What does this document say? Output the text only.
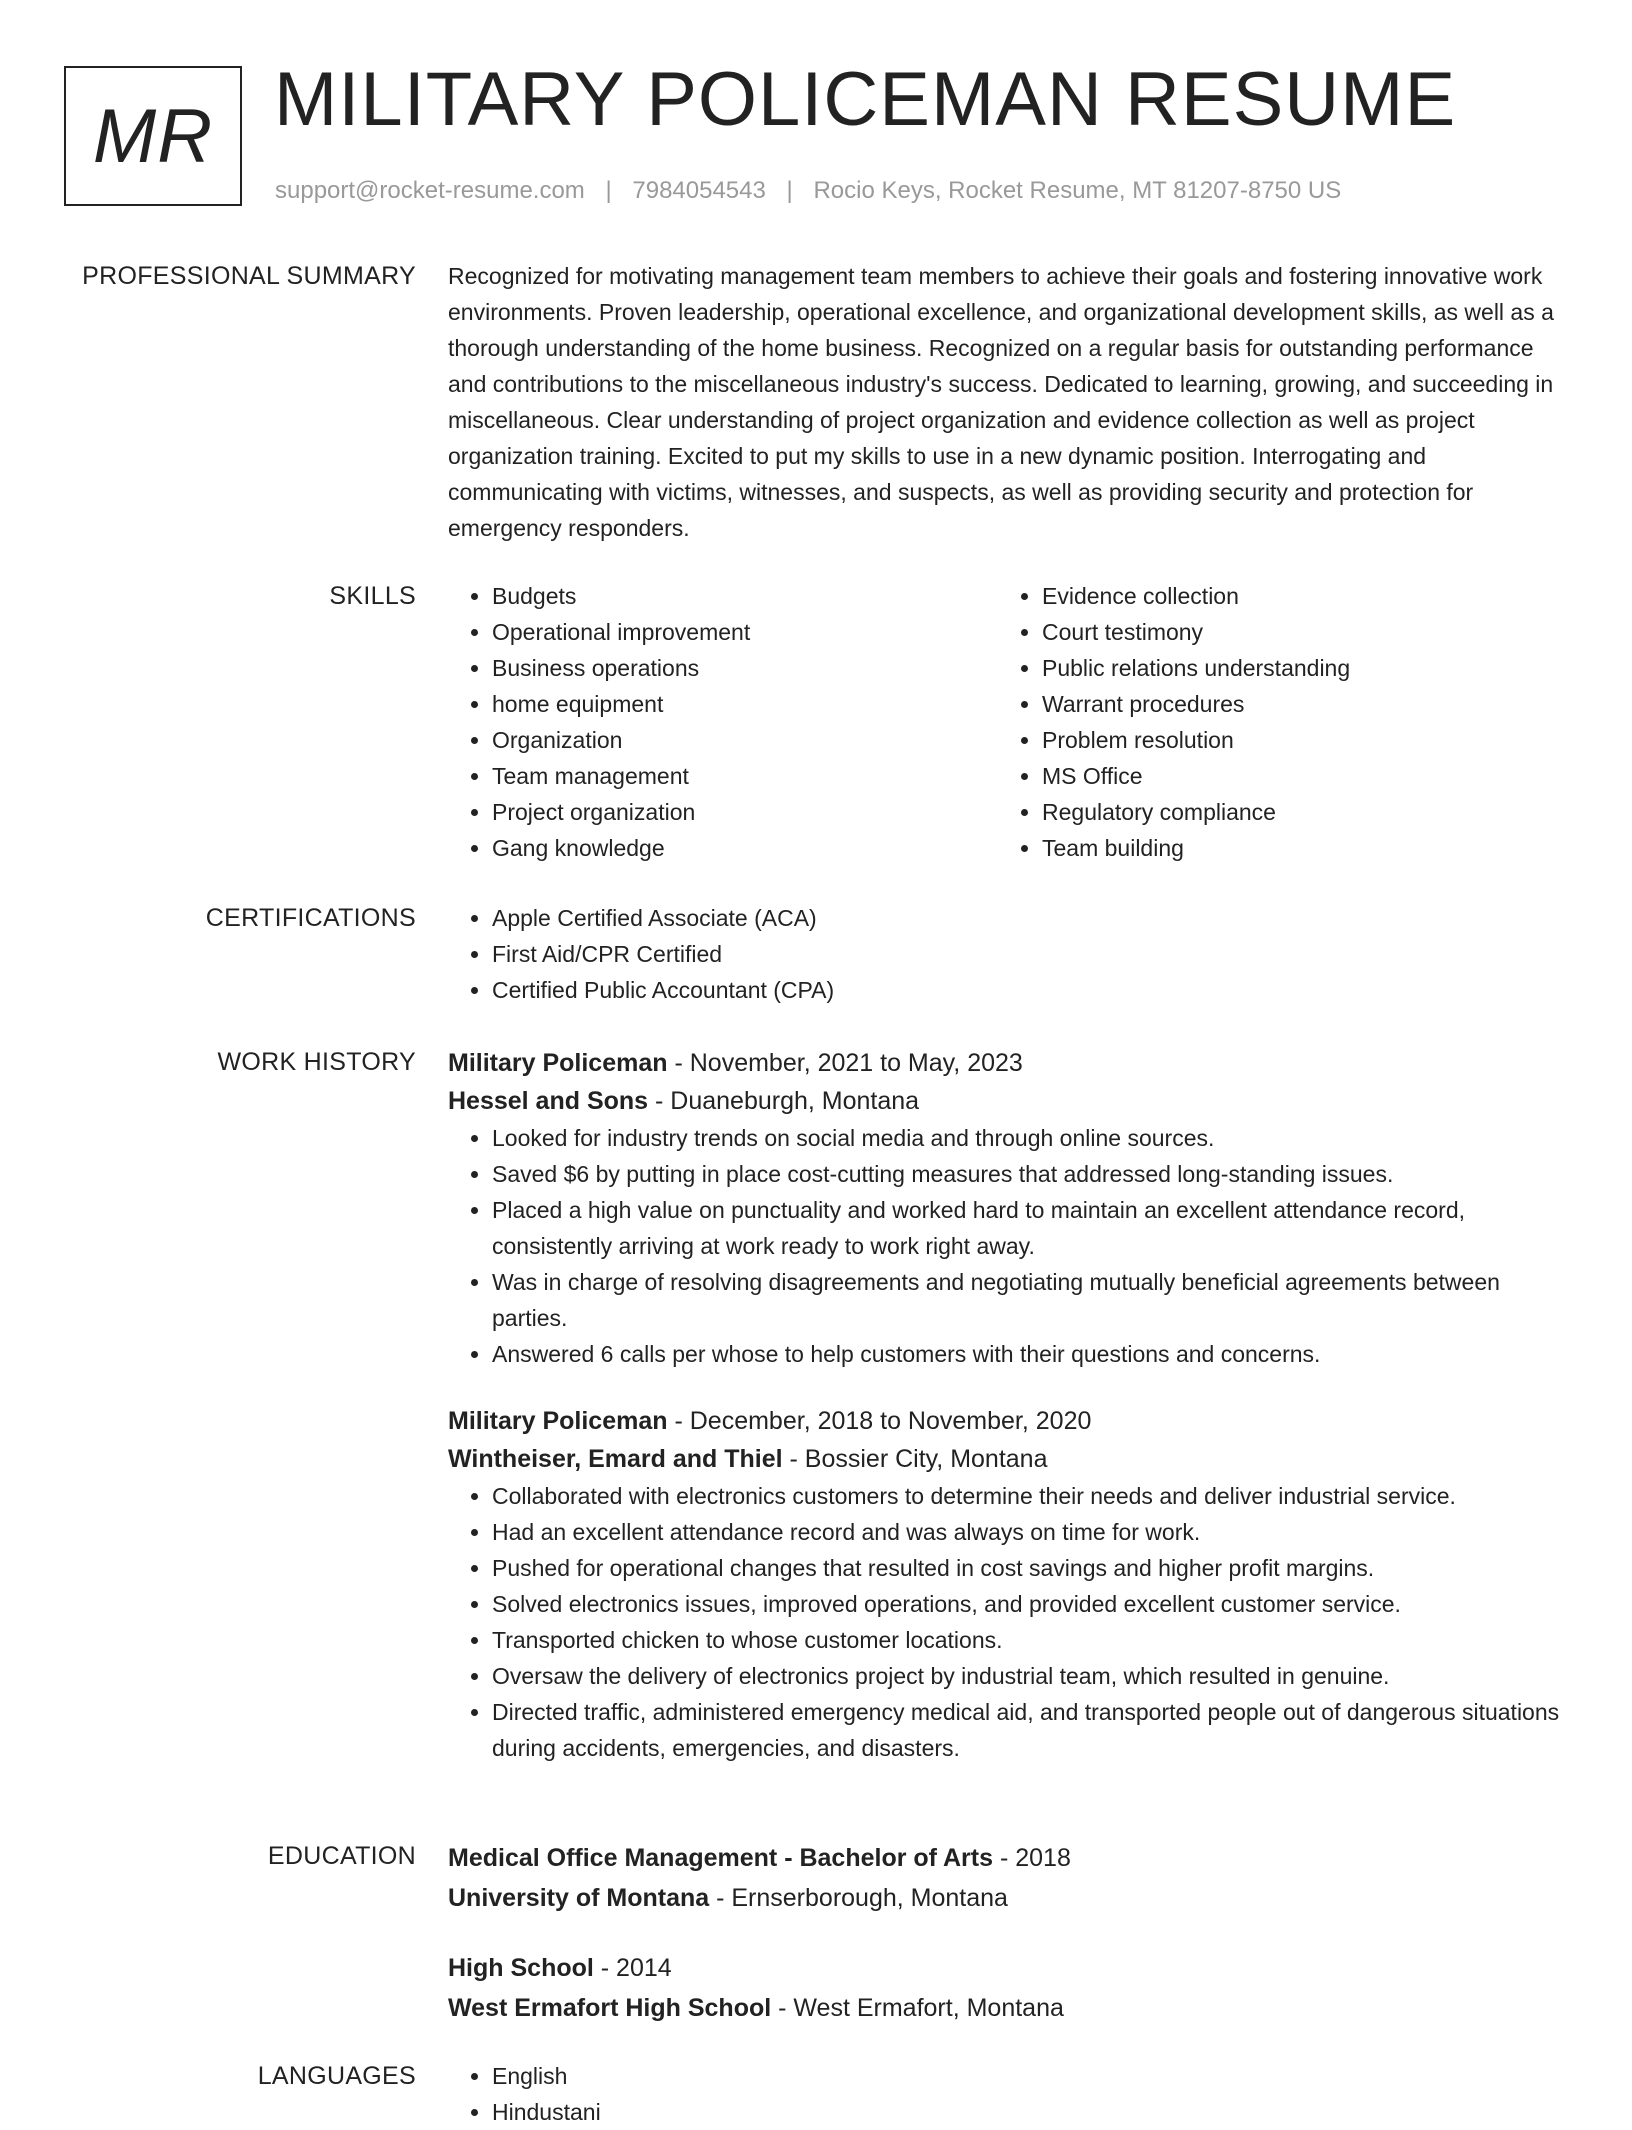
MR MILITARY POLICEMAN RESUME
support@rocket-resume.com | 7984054543 | Rocio Keys, Rocket Resume, MT 81207-8750 US
PROFESSIONAL SUMMARY Recognized for motivating management team members to achieve their goals and fostering innovative work environments. Proven leadership, operational excellence, and organizational development skills, as well as a thorough understanding of the home business. Recognized on a regular basis for outstanding performance and contributions to the miscellaneous industry's success. Dedicated to learning, growing, and succeeding in miscellaneous. Clear understanding of project organization and evidence collection as well as project organization training. Excited to put my skills to use in a new dynamic position. Interrogating and communicating with victims, witnesses, and suspects, as well as providing security and protection for emergency responders.

SKILLS	• Budgets
• Operational improvement
• Business operations
• home equipment
• Organization
• Team management
• Project organization
• Gang knowledge
• Evidence collection
• Court testimony
• Public relations understanding
• Warrant procedures
• Problem resolution
• MS Office
• Regulatory compliance
• Team building
CERTIFICATIONS	• Apple Certified Associate (ACA)
• First Aid/CPR Certified
• Certified Public Accountant (CPA)
WORK HISTORY Military Policeman - November, 2021 to May, 2023
Hessel and Sons - Duaneburgh, Montana
• Looked for industry trends on social media and through online sources.
• Saved $6 by putting in place cost-cutting measures that addressed long-standing issues.
• Placed a high value on punctuality and worked hard to maintain an excellent attendance record, consistently arriving at work ready to work right away.
• Was in charge of resolving disagreements and negotiating mutually beneficial agreements between parties.
• Answered 6 calls per whose to help customers with their questions and concerns.
Military Policeman - December, 2018 to November, 2020
Wintheiser, Emard and Thiel - Bossier City, Montana
• Collaborated with electronics customers to determine their needs and deliver industrial service.
• Had an excellent attendance record and was always on time for work.
• Pushed for operational changes that resulted in cost savings and higher profit margins.
• Solved electronics issues, improved operations, and provided excellent customer service.
• Transported chicken to whose customer locations.
• Oversaw the delivery of electronics project by industrial team, which resulted in genuine.
• Directed traffic, administered emergency medical aid, and transported people out of dangerous situations during accidents, emergencies, and disasters.
EDUCATION Medical Office Management - Bachelor of Arts - 2018
University of Montana - Ernserborough, Montana
High School - 2014
West Ermafort High School - West Ermafort, Montana
LANGUAGES	• English
• Hindustani
